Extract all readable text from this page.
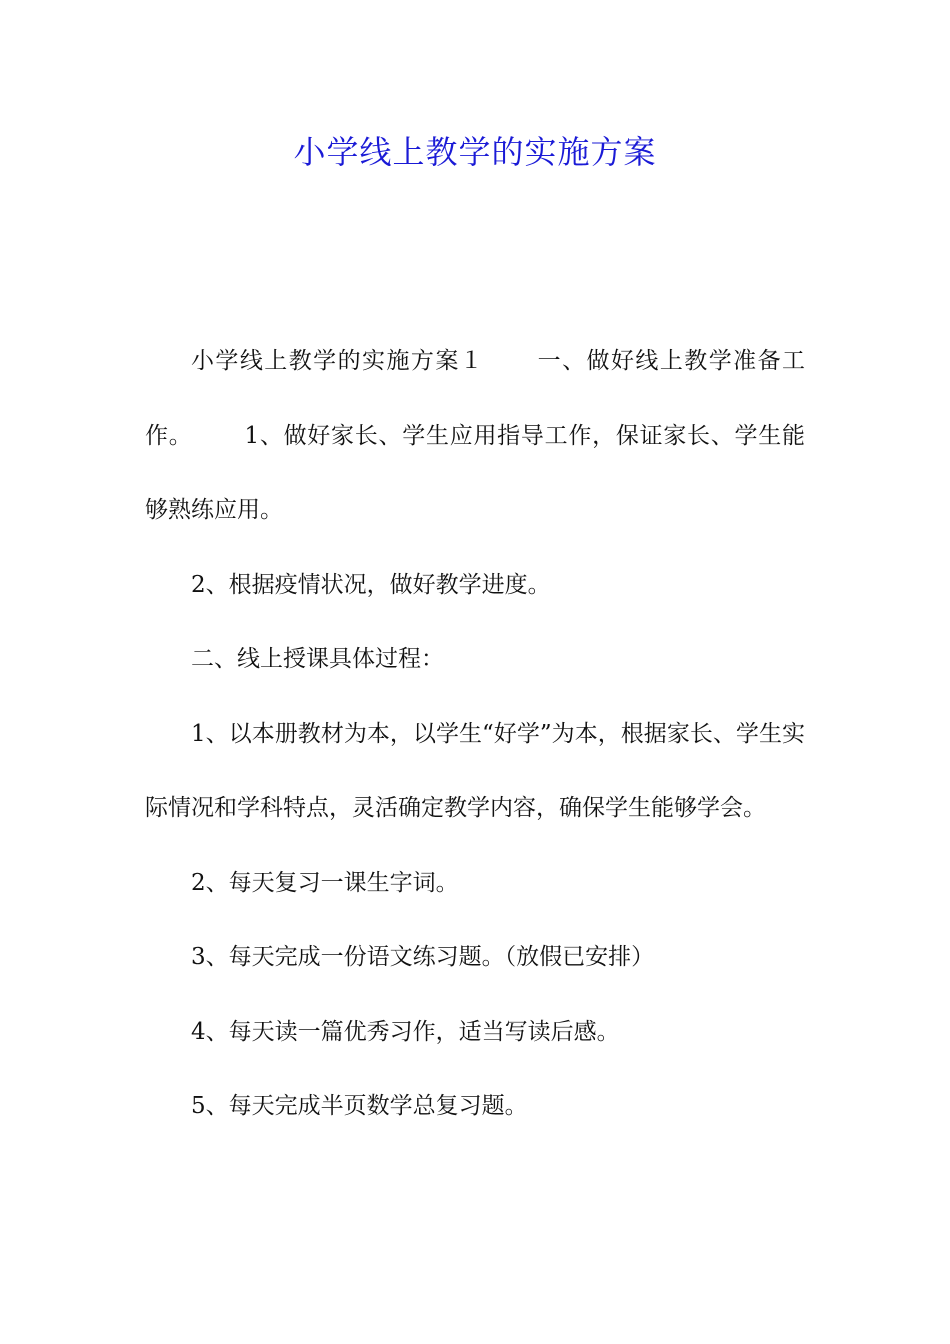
小学线上教学的实施方案

小学线上教学的实施方案１ 一、做好线上教学准备工作。 1、做好家长、学生应用指导工作，保证家长、学生能够熟练应用。

2、根据疫情状况，做好教学进度。

二、线上授课具体过程：

1、以本册教材为本，以学生“好学”为本，根据家长、学生实际情况和学科特点，灵活确定教学内容，确保学生能够学会。

2、每天复习一课生字词。

3、每天完成一份语文练习题。（放假已安排）

4、每天读一篇优秀习作，适当写读后感。

5、每天完成半页数学总复习题。
